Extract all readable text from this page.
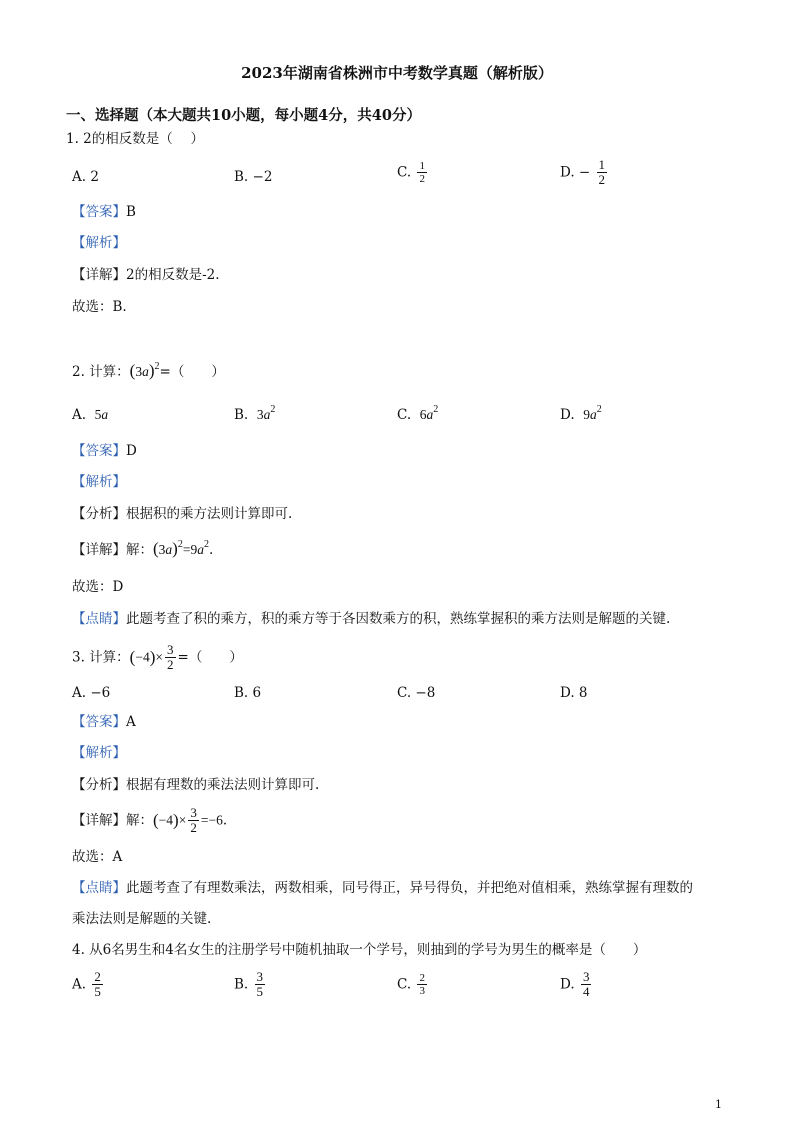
2023年湖南省株洲市中考数学真题（解析版）
一、选择题（本大题共10小题，每小题4分，共40分）
1. 2的相反数是（　 ）
A. 2	B. −2	C. $\frac{1}{2}$	D. − $\frac{1}{2}$
【答案】B
【解析】
【详解】2的相反数是-2.
故选：B.
2. 计算：$(3a)^2=$（　　）
A. 5a	B. $3a^2$	C. $6a^2$	D. $9a^2$
【答案】D
【解析】
【分析】根据积的乘方法则计算即可.
【详解】解：$(3a)^2=9a^2$.
故选：D
【点睛】此题考查了积的乘方，积的乘方等于各因数乘方的积，熟练掌握积的乘方法则是解题的关键.
3. 计算：$(-4)\times \frac{3}{2}$ =（　　）
A. −6	B. 6	C. −8	D. 8
【答案】A
【解析】
【分析】根据有理数的乘法法则计算即可.
【详解】解：$(-4)\times \frac{3}{2} =-6$.
故选：A
【点睛】此题考查了有理数乘法，两数相乘，同号得正，异号得负，并把绝对值相乘，熟练掌握有理数的
乘法法则是解题的关键.
4. 从6名男生和4名女生的注册学号中随机抽取一个学号，则抽到的学号为男生的概率是（　　）
A. $\frac{2}{5}$	B. $\frac{3}{5}$	C. $\frac{2}{3}$	D. $\frac{3}{4}$
1
